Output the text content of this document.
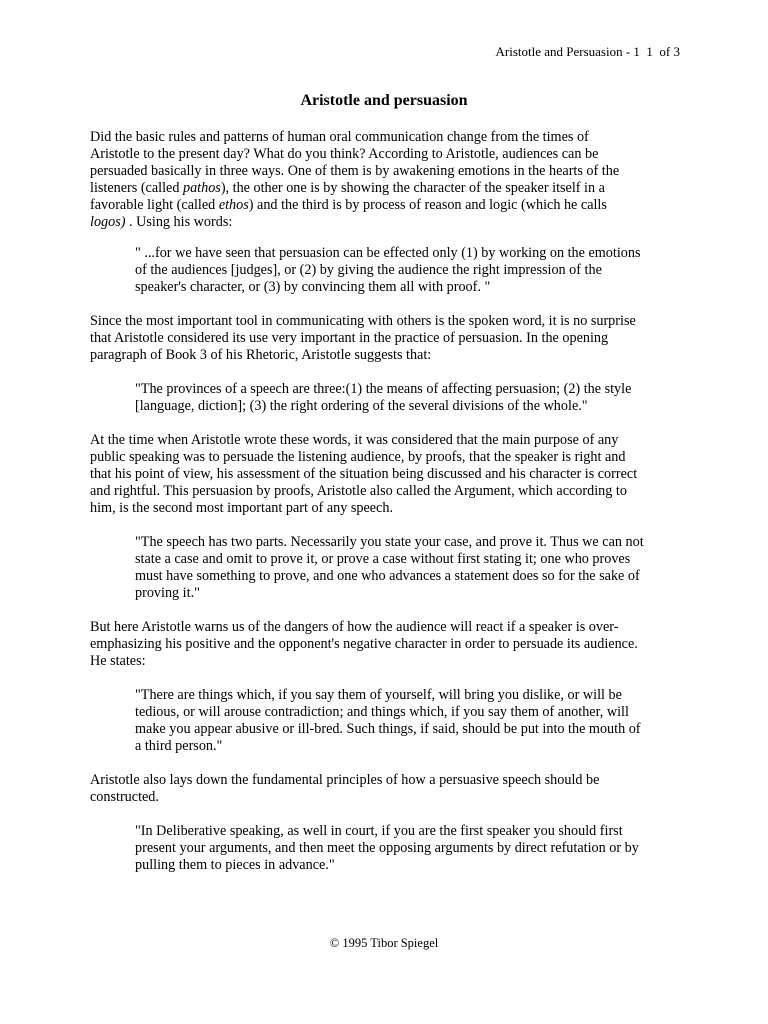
Aristotle and Persuasion - 1  1  of 3
Aristotle and persuasion

Did the basic rules and patterns of human oral communication change from the times of
Aristotle to the present day? What do you think? According to Aristotle, audiences can be
persuaded basically in three ways. One of them is by awakening emotions in the hearts of the
listeners (called pathos), the other one is by showing the character of the speaker itself in a
favorable light (called ethos) and the third is by process of reason and logic (which he calls
logos) . Using his words:

" ...for we have seen that persuasion can be effected only (1) by working on the emotions
of the audiences [judges], or (2) by giving the audience the right impression of the
speaker's character, or (3) by convincing them all with proof. "

Since the most important tool in communicating with others is the spoken word, it is no surprise
that Aristotle considered its use very important in the practice of persuasion. In the opening
paragraph of Book 3 of his Rhetoric, Aristotle suggests that:

"The provinces of a speech are three:(1) the means of affecting persuasion; (2) the style
[language, diction]; (3) the right ordering of the several divisions of the whole."

At the time when Aristotle wrote these words, it was considered that the main purpose of any
public speaking was to persuade the listening audience, by proofs, that the speaker is right and
that his point of view, his assessment of the situation being discussed and his character is correct
and rightful. This persuasion by proofs, Aristotle also called the Argument, which according to
him, is the second most important part of any speech.

"The speech has two parts. Necessarily you state your case, and prove it. Thus we can not
state a case and omit to prove it, or prove a case without first stating it; one who proves
must have something to prove, and one who advances a statement does so for the sake of
proving it."

But here Aristotle warns us of the dangers of how the audience will react if a speaker is over-
emphasizing his positive and the opponent's negative character in order to persuade its audience.
He states:

"There are things which, if you say them of yourself, will bring you dislike, or will be
tedious, or will arouse contradiction; and things which, if you say them of another, will
make you appear abusive or ill-bred. Such things, if said, should be put into the mouth of
a third person."

Aristotle also lays down the fundamental principles of how a persuasive speech should be
constructed.

"In Deliberative speaking, as well in court, if you are the first speaker you should first
present your arguments, and then meet the opposing arguments by direct refutation or by
pulling them to pieces in advance."

© 1995 Tibor Spiegel
